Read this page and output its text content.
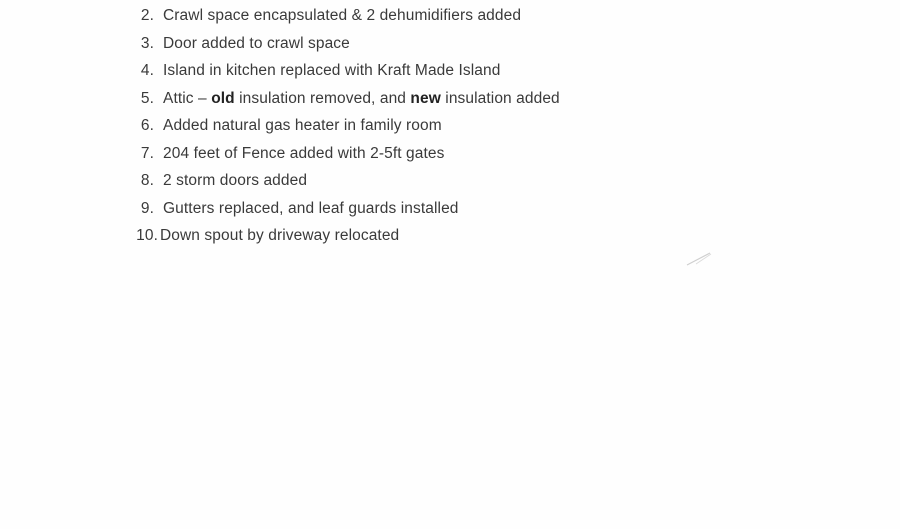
2. Crawl space encapsulated & 2 dehumidifiers added
3. Door added to crawl space
4. Island in kitchen replaced with Kraft Made Island
5. Attic – old insulation removed, and new insulation added
6. Added natural gas heater in family room
7. 204 feet of Fence added with 2-5ft gates
8. 2 storm doors added
9. Gutters replaced, and leaf guards installed
10. Down spout by driveway relocated
